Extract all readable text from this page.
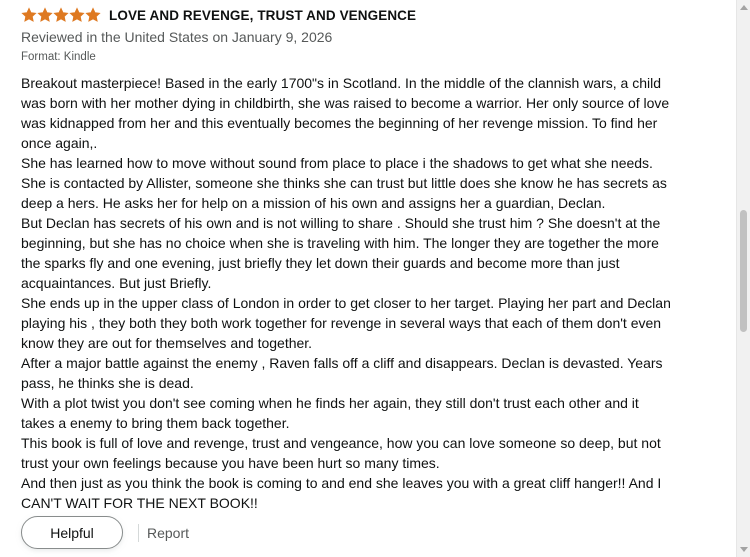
LOVE AND REVENGE, TRUST AND VENGENCE
Reviewed in the United States on January 9, 2026
Format: Kindle

Breakout masterpiece! Based in the early 1700"s in Scotland. In the middle of the clannish wars, a child was born with her mother dying in childbirth, she was raised to become a warrior. Her only source of love was kidnapped from her and this eventually becomes the beginning of her revenge mission. To find her once again,.

She has learned how to move without sound from place to place i the shadows to get what she needs. She is contacted by Allister, someone she thinks she can trust but little does she know he has secrets as deep a hers. He asks her for help on a mission of his own and assigns her a guardian, Declan.

But Declan has secrets of his own and is not willing to share . Should she trust him ? She doesn't at the beginning, but she has no choice when she is traveling with him. The longer they are together the more the sparks fly and one evening, just briefly they let down their guards and become more than just acquaintances. But just Briefly.

She ends up in the upper class of London in order to get closer to her target. Playing her part and Declan playing his , they both they both work together for revenge in several ways that each of them don't even know they are out for themselves and together.

After a major battle against the enemy , Raven falls off a cliff and disappears. Declan is devasted. Years pass, he thinks she is dead.

With a plot twist you don't see coming when he finds her again, they still don't trust each other and it takes a enemy to bring them back together.

This book is full of love and revenge, trust and vengeance, how you can love someone so deep, but not trust your own feelings because you have been hurt so many times.

And then just as you think the book is coming to and end she leaves you with a great cliff hanger!! And I CAN'T WAIT FOR THE NEXT BOOK!!

Helpful	Report
